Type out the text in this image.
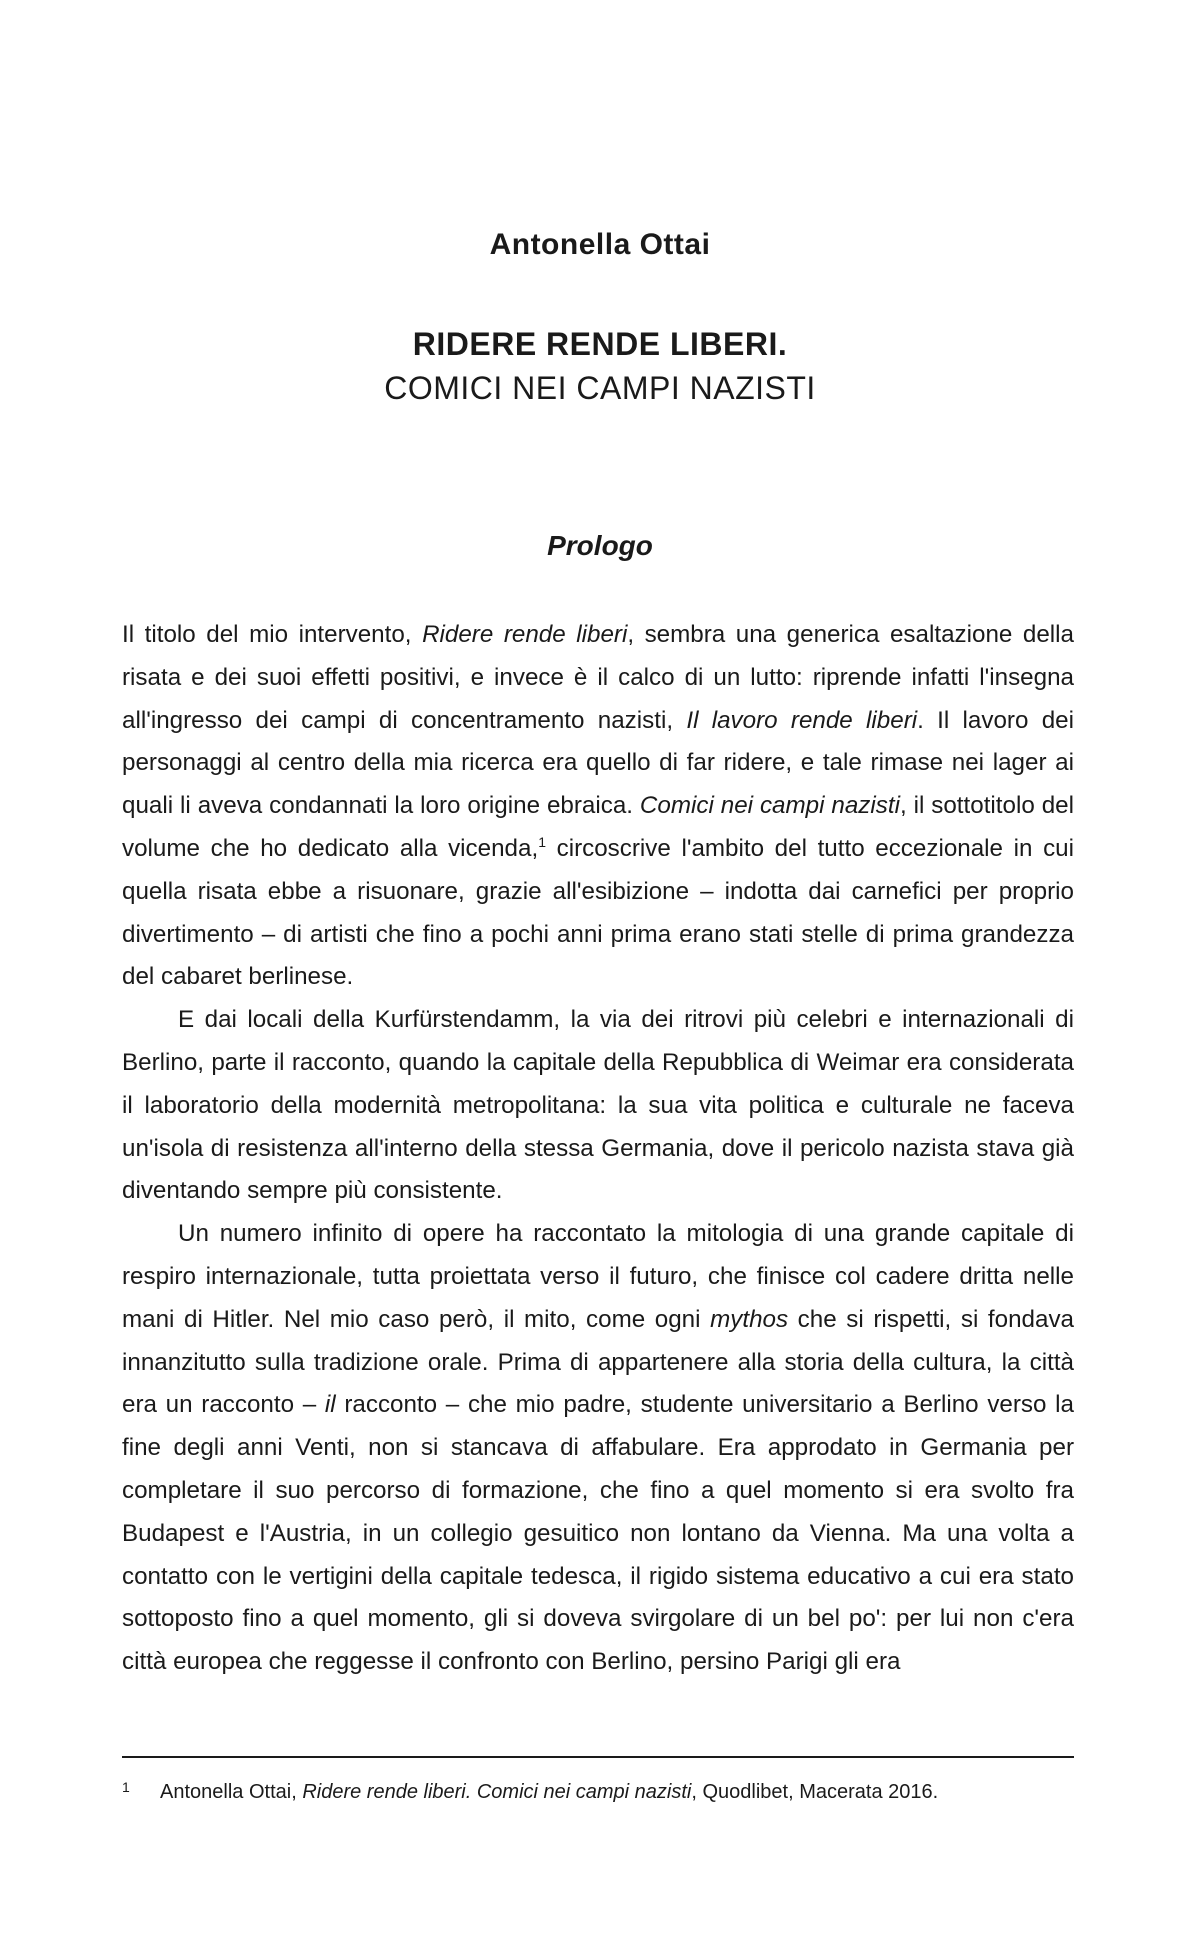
Antonella Ottai
RIDERE RENDE LIBERI.
COMICI NEI CAMPI NAZISTI
Prologo

Il titolo del mio intervento, Ridere rende liberi, sembra una generica esaltazione della risata e dei suoi effetti positivi, e invece è il calco di un lutto: riprende infatti l'insegna all'ingresso dei campi di concentramento nazisti, Il lavoro rende liberi. Il lavoro dei personaggi al centro della mia ricerca era quello di far ridere, e tale rimase nei lager ai quali li aveva condannati la loro origine ebraica. Comici nei campi nazisti, il sottotitolo del volume che ho dedicato alla vicenda,$^1$ circoscrive l'ambito del tutto eccezionale in cui quella risata ebbe a risuonare, grazie all'esibizione – indotta dai carnefici per proprio divertimento – di artisti che fino a pochi anni prima erano stati stelle di prima grandezza del cabaret berlinese.

E dai locali della Kurfürstendamm, la via dei ritrovi più celebri e internazionali di Berlino, parte il racconto, quando la capitale della Repubblica di Weimar era considerata il laboratorio della modernità metropolitana: la sua vita politica e culturale ne faceva un'isola di resistenza all'interno della stessa Germania, dove il pericolo nazista stava già diventando sempre più consistente.

Un numero infinito di opere ha raccontato la mitologia di una grande capitale di respiro internazionale, tutta proiettata verso il futuro, che finisce col cadere dritta nelle mani di Hitler. Nel mio caso però, il mito, come ogni mythos che si rispetti, si fondava innanzitutto sulla tradizione orale. Prima di appartenere alla storia della cultura, la città era un racconto – il racconto – che mio padre, studente universitario a Berlino verso la fine degli anni Venti, non si stancava di affabulare. Era approdato in Germania per completare il suo percorso di formazione, che fino a quel momento si era svolto fra Budapest e l'Austria, in un collegio gesuitico non lontano da Vienna. Ma una volta a contatto con le vertigini della capitale tedesca, il rigido sistema educativo a cui era stato sottoposto fino a quel momento, gli si doveva svirgolare di un bel po': per lui non c'era città europea che reggesse il confronto con Berlino, persino Parigi gli era

1 Antonella Ottai, Ridere rende liberi. Comici nei campi nazisti, Quodlibet, Macerata 2016.
